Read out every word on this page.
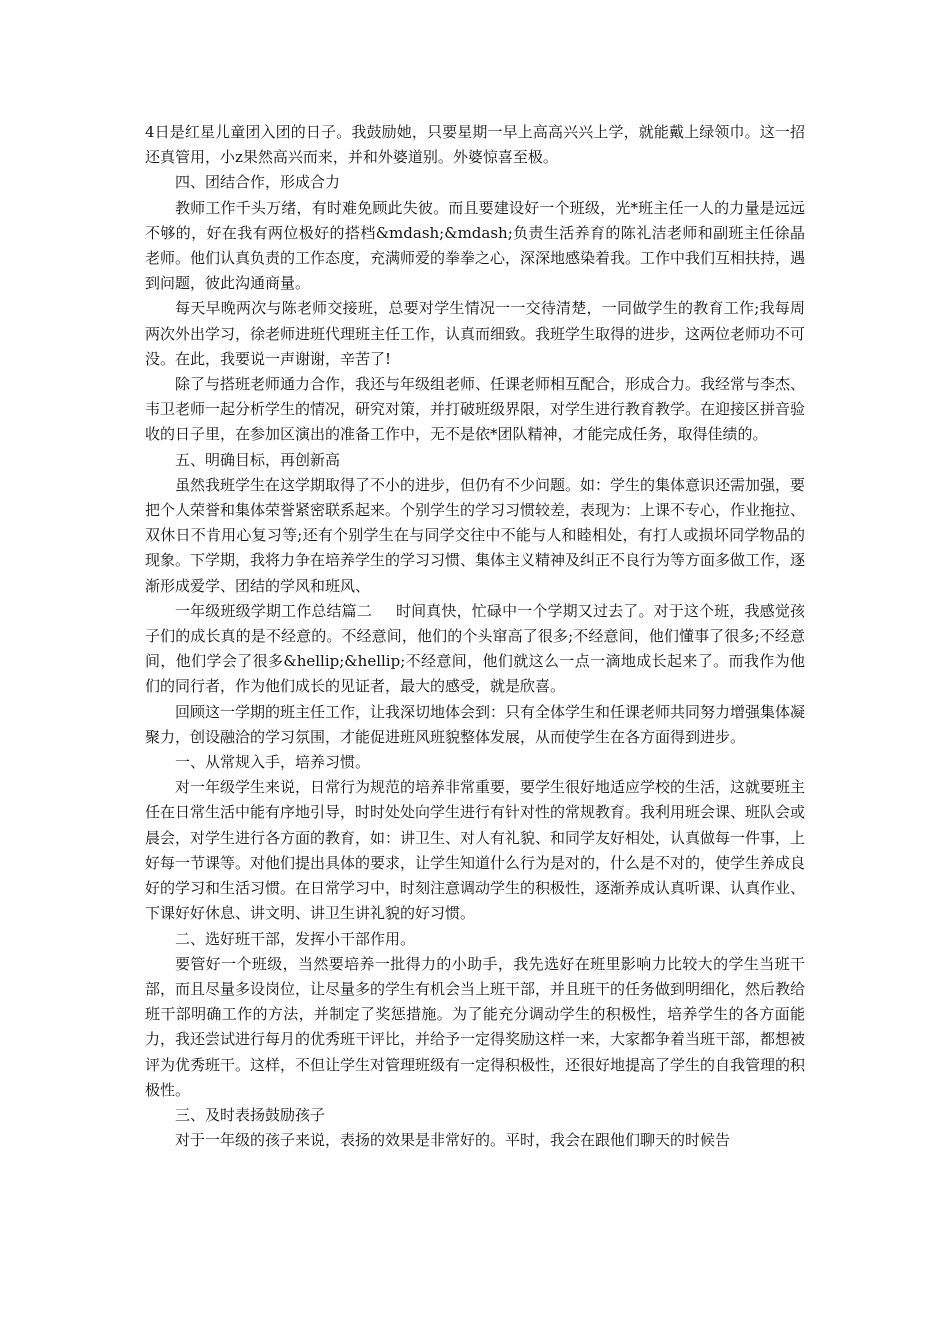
4日是红星儿童团入团的日子。我鼓励她，只要星期一早上高高兴兴上学，就能戴上绿领巾。这一招还真管用，小z果然高兴而来，并和外婆道别。外婆惊喜至极。

四、团结合作，形成合力

教师工作千头万绪，有时难免顾此失彼。而且要建设好一个班级，光*班主任一人的力量是远远不够的，好在我有两位极好的搭档&mdash;&mdash;负责生活养育的陈礼洁老师和副班主任徐晶老师。他们认真负责的工作态度，充满师爱的拳拳之心，深深地感染着我。工作中我们互相扶持，遇到问题，彼此沟通商量。

每天早晚两次与陈老师交接班，总要对学生情况一一交待清楚，一同做学生的教育工作;我每周两次外出学习，徐老师进班代理班主任工作，认真而细致。我班学生取得的进步，这两位老师功不可没。在此，我要说一声谢谢，辛苦了!

除了与搭班老师通力合作，我还与年级组老师、任课老师相互配合，形成合力。我经常与李杰、韦卫老师一起分析学生的情况，研究对策，并打破班级界限，对学生进行教育教学。在迎接区拼音验收的日子里，在参加区演出的准备工作中，无不是依*团队精神，才能完成任务，取得佳绩的。

五、明确目标，再创新高

虽然我班学生在这学期取得了不小的进步，但仍有不少问题。如：学生的集体意识还需加强，要把个人荣誉和集体荣誉紧密联系起来。个别学生的学习习惯较差，表现为：上课不专心，作业拖拉、双休日不肯用心复习等;还有个别学生在与同学交往中不能与人和睦相处，有打人或损坏同学物品的现象。下学期，我将力争在培养学生的学习习惯、集体主义精神及纠正不良行为等方面多做工作，逐渐形成爱学、团结的学风和班风、

一年级班级学期工作总结篇二 时间真快，忙碌中一个学期又过去了。对于这个班，我感觉孩子们的成长真的是不经意的。不经意间，他们的个头窜高了很多;不经意间，他们懂事了很多;不经意间，他们学会了很多&hellip;&hellip;不经意间，他们就这么一点一滴地成长起来了。而我作为他们的同行者，作为他们成长的见证者，最大的感受，就是欣喜。

回顾这一学期的班主任工作，让我深切地体会到：只有全体学生和任课老师共同努力增强集体凝聚力，创设融洽的学习氛围，才能促进班风班貌整体发展，从而使学生在各方面得到进步。

一、从常规入手，培养习惯。

对一年级学生来说，日常行为规范的培养非常重要，要学生很好地适应学校的生活，这就要班主任在日常生活中能有序地引导，时时处处向学生进行有针对性的常规教育。我利用班会课、班队会或晨会，对学生进行各方面的教育，如：讲卫生、对人有礼貌、和同学友好相处，认真做每一件事，上好每一节课等。对他们提出具体的要求，让学生知道什么行为是对的，什么是不对的，使学生养成良好的学习和生活习惯。在日常学习中，时刻注意调动学生的积极性，逐渐养成认真听课、认真作业、下课好好休息、讲文明、讲卫生讲礼貌的好习惯。

二、选好班干部，发挥小干部作用。

要管好一个班级，当然要培养一批得力的小助手，我先选好在班里影响力比较大的学生当班干部，而且尽量多设岗位，让尽量多的学生有机会当上班干部，并且班干的任务做到明细化，然后教给班干部明确工作的方法，并制定了奖惩措施。为了能充分调动学生的积极性，培养学生的各方面能力，我还尝试进行每月的优秀班干评比，并给予一定得奖励这样一来，大家都争着当班干部，都想被评为优秀班干。这样，不但让学生对管理班级有一定得积极性，还很好地提高了学生的自我管理的积极性。

三、及时表扬鼓励孩子

对于一年级的孩子来说，表扬的效果是非常好的。平时，我会在跟他们聊天的时候告
